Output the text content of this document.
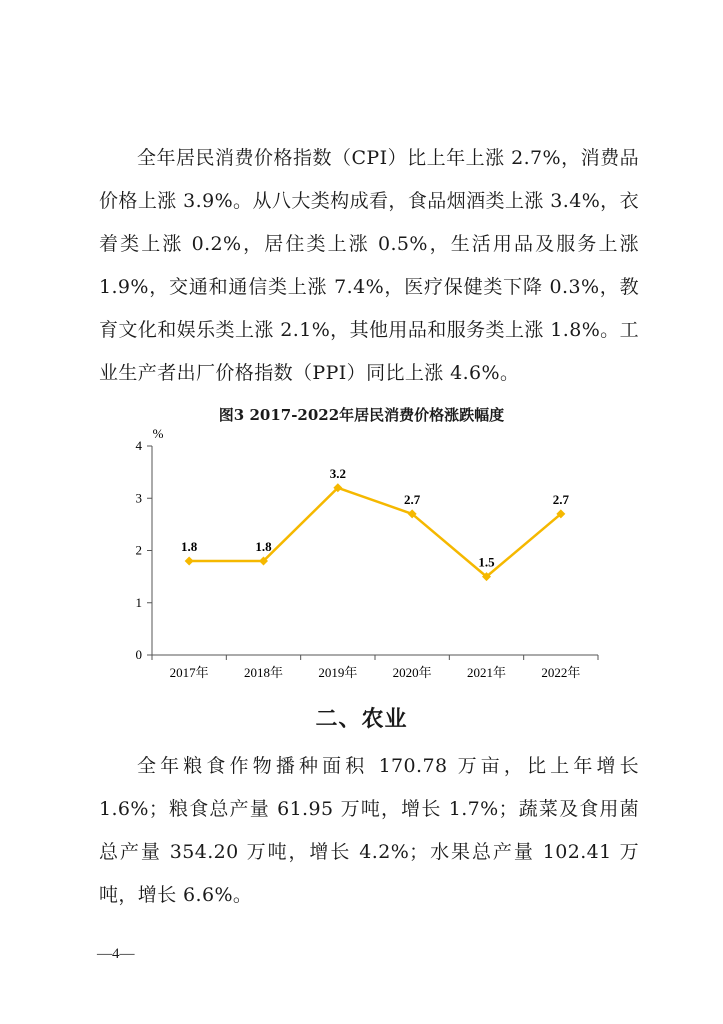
全年居民消费价格指数（CPI）比上年上涨 2.7%，消费品价格上涨 3.9%。从八大类构成看，食品烟酒类上涨 3.4%，衣着类上涨 0.2%，居住类上涨 0.5%，生活用品及服务上涨 1.9%，交通和通信类上涨 7.4%，医疗保健类下降 0.3%，教育文化和娱乐类上涨 2.1%，其他用品和服务类上涨 1.8%。工业生产者出厂价格指数（PPI）同比上涨 4.6%。

图3 2017-2022年居民消费价格涨跌幅度
%
0
1
2
3
4
2017年	2018年	2019年	2020年	2021年	2022年
1.8	1.8
3.2
2.7
1.5
2.7
二、农业

全年粮食作物播种面积 170.78 万亩，比上年增长 1.6%；粮食总产量 61.95 万吨，增长 1.7%；蔬菜及食用菌总产量 354.20 万吨，增长 4.2%；水果总产量 102.41 万吨，增长 6.6%。

—4—
